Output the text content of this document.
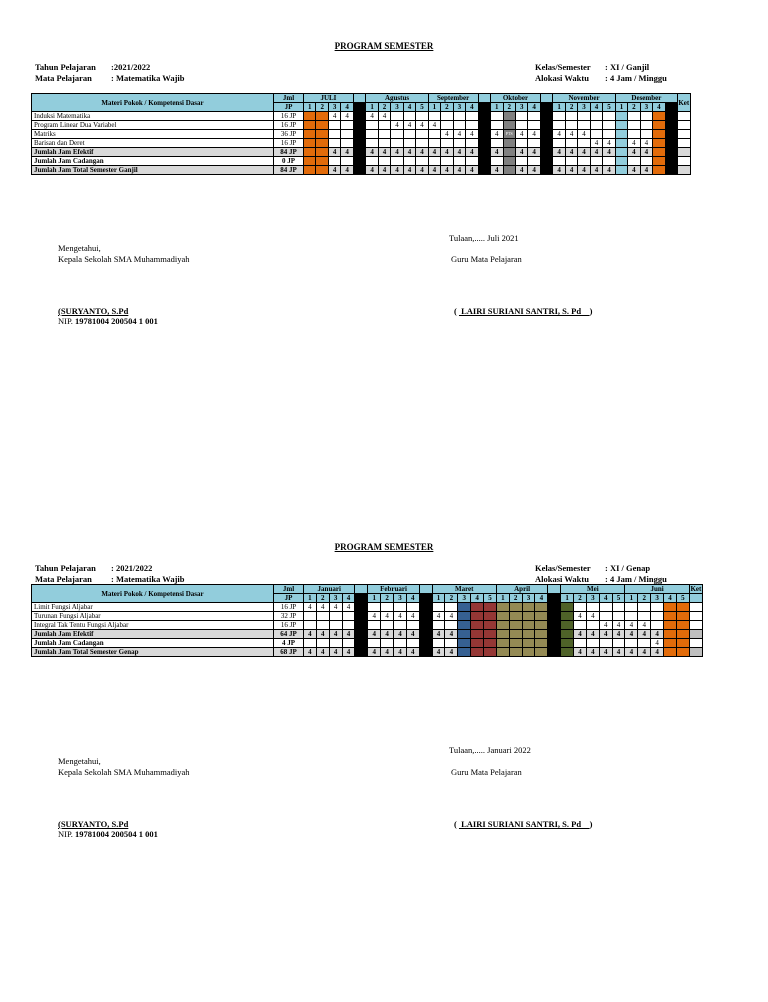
PROGRAM SEMESTER
Tahun Pelajaran :2021/2022
Mata Pelajaran : Matematika Wajib
Kelas/Semester : XI / Ganjil
Alokasi Waktu : 4 Jam / Minggu
Materi Pokok / Kompetensi Dasar	Jml	JULI					Agustus					September					Oktober					November					Desember					Ket
	JP	1	2	3	4		1	2	3	4	5	1	2	3	4		1	2	3	4		1	2	3	4	5	1	2	3	4		
Induksi Matematika	16 JP			4	4		4	4																								
Program Linear Dua Variabel	16 JP								4	4	4	4																				
Matriks	36 JP												4	4	4		4	PTS	4	4		4	4	4								
Barisan dan Deret	16 JP																								4	4		4	4			
Jumlah Jam Efektif	84 JP			4	4		4	4	4	4	4	4	4	4	4		4		4	4		4	4	4	4	4		4	4			
Jumlah Jam Cadangan	0 JP																															
Jumlah Jam Total Semester Ganjil	84 JP			4	4		4	4	4	4	4	4	4	4	4		4		4	4		4	4	4	4	4		4	4			
Tulaan,..... Juli 2021
Mengetahui,
Kepala Sekolah SMA Muhammadiyah	Guru Mata Pelajaran
(SURYANTO, S.Pd
NIP. 19781004 200504 1 001
(  LAIRI SURIANI SANTRI, S. Pd    )
PROGRAM SEMESTER
Tahun Pelajaran : 2021/2022
Mata Pelajaran : Matematika Wajib
Kelas/Semester : XI / Genap
Alokasi Waktu : 4 Jam / Minggu
Materi Pokok / Kompetensi Dasar	Jml	Januari					Februari					Maret					April					Mei					Juni					Ket
	JP	1	2	3	4		1	2	3	4		1	2	3	4	5	1	2	3	4		1	2	3	4	5	1	2	3	4	5	
Limit Fungsi Aljabar	16 JP	4	4	4	4																											
Turunan Fungsi Aljabar	32 JP						4	4	4	4		4	4										4	4								
Integral Tak Tentu Fungsi Aljabar	16 JP																								4	4	4	4				
Jumlah Jam Efektif	64 JP	4	4	4	4		4	4	4	4		4	4										4	4	4	4	4	4	4			
Jumlah Jam Cadangan	4 JP																												4			
Jumlah Jam Total Semester Genap	68 JP	4	4	4	4		4	4	4	4		4	4										4	4	4	4	4	4	4			
Tulaan,..... Januari 2022
Mengetahui,
Kepala Sekolah SMA Muhammadiyah	Guru Mata Pelajaran
(SURYANTO, S.Pd
NIP. 19781004 200504 1 001
(  LAIRI SURIANI SANTRI, S. Pd    )
